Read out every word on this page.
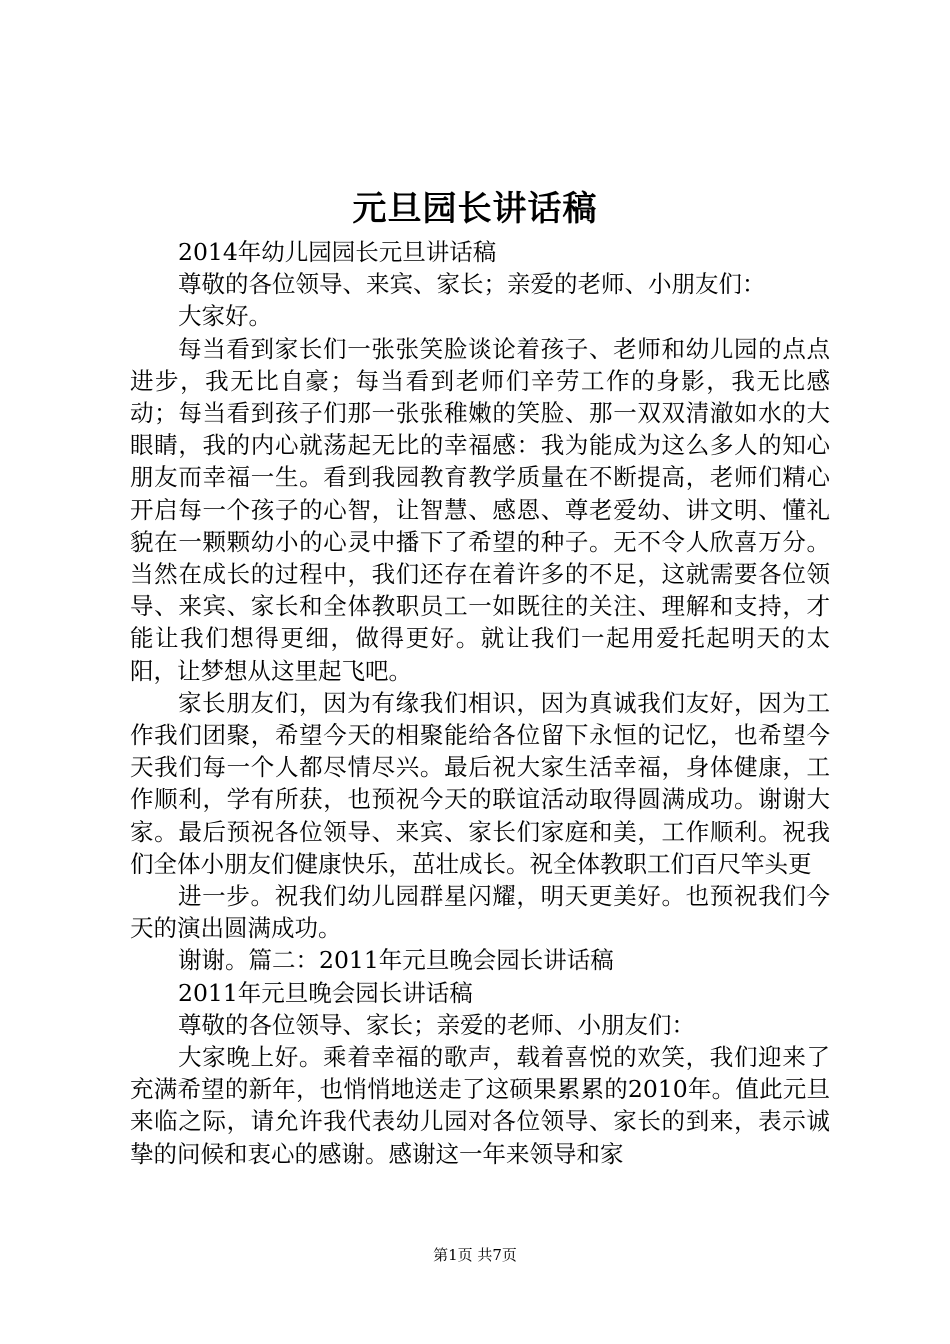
元旦园长讲话稿

2014年幼儿园园长元旦讲话稿

尊敬的各位领导、来宾、家长；亲爱的老师、小朋友们：

大家好。

每当看到家长们一张张笑脸谈论着孩子、老师和幼儿园的点点进步，我无比自豪；每当看到老师们辛劳工作的身影，我无比感动；每当看到孩子们那一张张稚嫩的笑脸、那一双双清澈如水的大眼睛，我的内心就荡起无比的幸福感：我为能成为这么多人的知心朋友而幸福一生。看到我园教育教学质量在不断提高，老师们精心开启每一个孩子的心智，让智慧、感恩、尊老爱幼、讲文明、懂礼貌在一颗颗幼小的心灵中播下了希望的种子。无不令人欣喜万分。当然在成长的过程中，我们还存在着许多的不足，这就需要各位领导、来宾、家长和全体教职员工一如既往的关注、理解和支持，才能让我们想得更细，做得更好。就让我们一起用爱托起明天的太阳，让梦想从这里起飞吧。

家长朋友们，因为有缘我们相识，因为真诚我们友好，因为工作我们团聚，希望今天的相聚能给各位留下永恒的记忆，也希望今天我们每一个人都尽情尽兴。最后祝大家生活幸福，身体健康，工作顺利，学有所获，也预祝今天的联谊活动取得圆满成功。谢谢大家。最后预祝各位领导、来宾、家长们家庭和美，工作顺利。祝我们全体小朋友们健康快乐，茁壮成长。祝全体教职工们百尺竿头更

进一步。祝我们幼儿园群星闪耀，明天更美好。也预祝我们今天的演出圆满成功。

谢谢。篇二：2011年元旦晚会园长讲话稿

2011年元旦晚会园长讲话稿

尊敬的各位领导、家长；亲爱的老师、小朋友们：

大家晚上好。乘着幸福的歌声，载着喜悦的欢笑，我们迎来了充满希望的新年，也悄悄地送走了这硕果累累的2010年。值此元旦来临之际，请允许我代表幼儿园对各位领导、家长的到来，表示诚挚的问候和衷心的感谢。感谢这一年来领导和家

第1页 共7页
